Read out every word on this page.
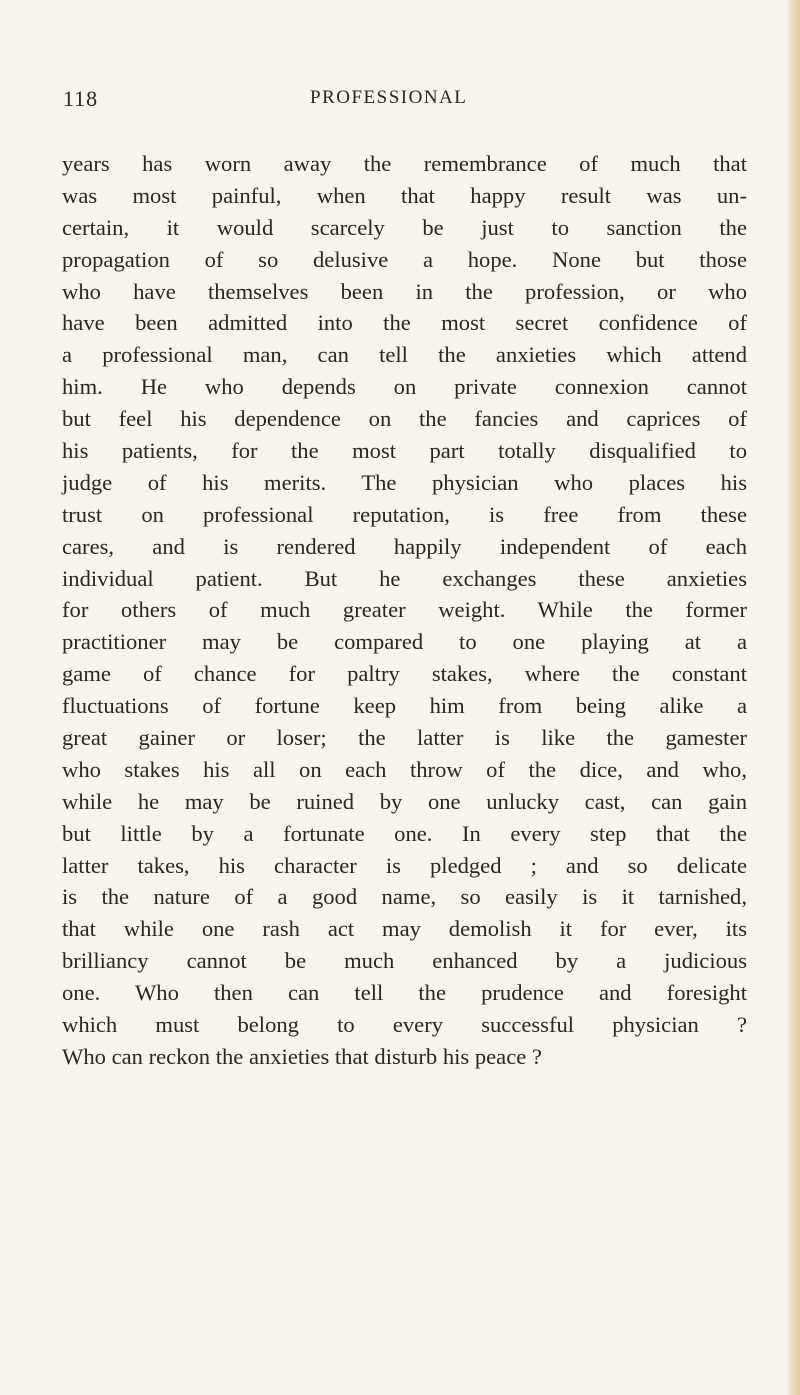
118	PROFESSIONAL
years has worn away the remembrance of much that
was most painful, when that happy result was un-
certain, it would scarcely be just to sanction the
propagation of so delusive a hope. None but those
who have themselves been in the profession, or who
have been admitted into the most secret confidence of
a professional man, can tell the anxieties which attend
him. He who depends on private connexion cannot
but feel his dependence on the fancies and caprices of
his patients, for the most part totally disqualified to
judge of his merits. The physician who places his
trust on professional reputation, is free from these
cares, and is rendered happily independent of each
individual patient. But he exchanges these anxieties
for others of much greater weight. While the former
practitioner may be compared to one playing at a
game of chance for paltry stakes, where the constant
fluctuations of fortune keep him from being alike a
great gainer or loser; the latter is like the gamester
who stakes his all on each throw of the dice, and who,
while he may be ruined by one unlucky cast, can gain
but little by a fortunate one. In every step that the
latter takes, his character is pledged ; and so delicate
is the nature of a good name, so easily is it tarnished,
that while one rash act may demolish it for ever, its
brilliancy cannot be much enhanced by a judicious
one. Who then can tell the prudence and foresight
which must belong to every successful physician ?
Who can reckon the anxieties that disturb his peace ?
